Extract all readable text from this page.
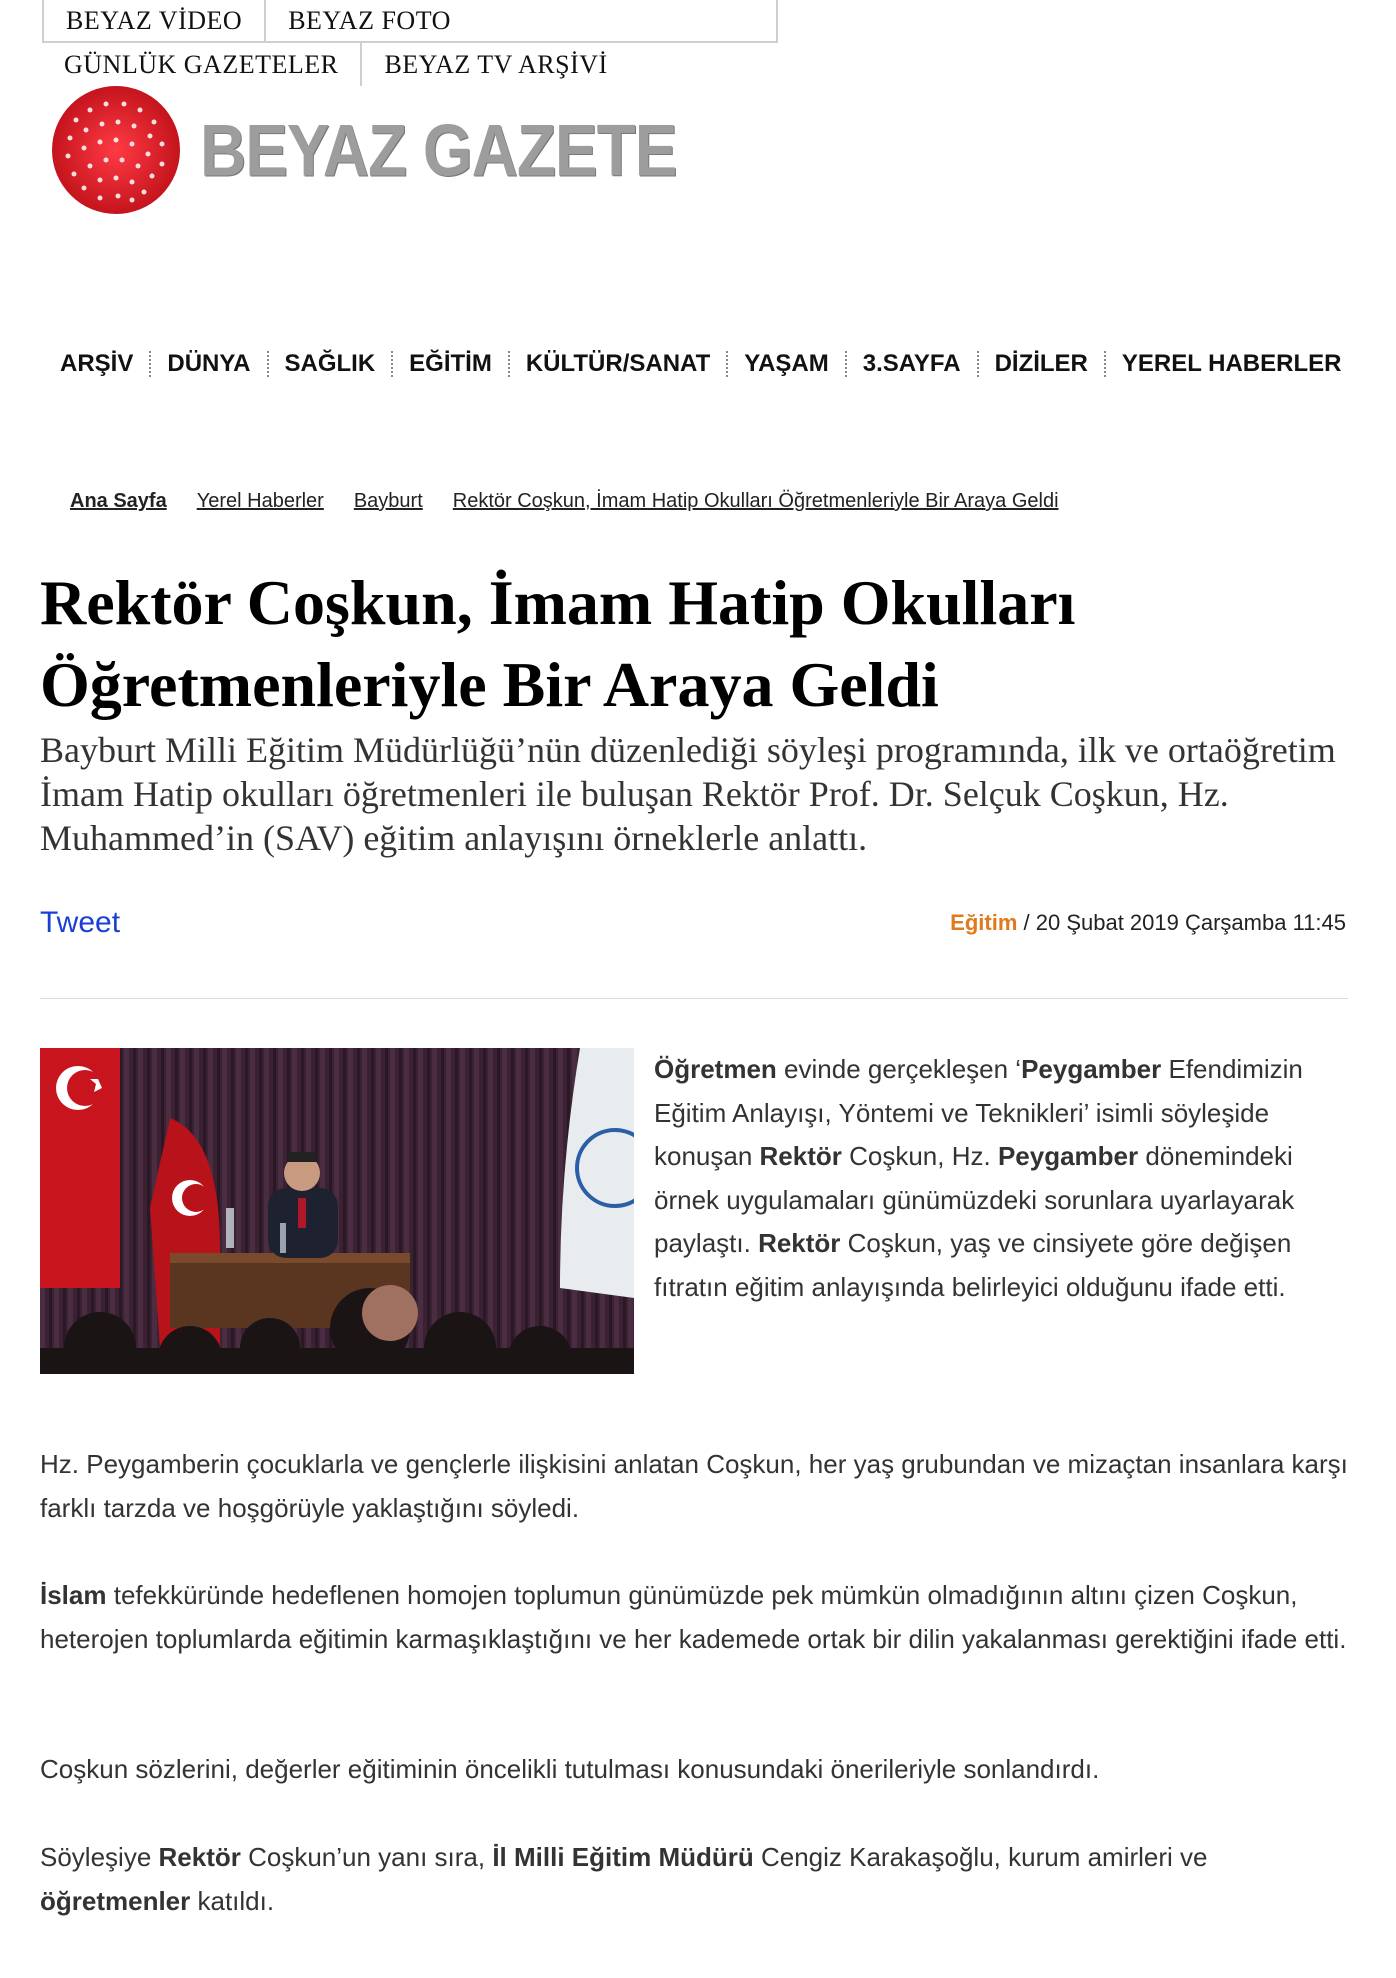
BEYAZ VİDEO	BEYAZ FOTO
GÜNLÜK GAZETELER	BEYAZ TV ARŞİVİ
BEYAZ GAZETE
ARŞİV	DÜNYA	SAĞLIK	EĞİTİM	KÜLTÜR/SANAT	YAŞAM	3.SAYFA	DİZİLER	YEREL HABERLER
Ana Sayfa Yerel Haberler Bayburt Rektör Coşkun, İmam Hatip Okulları Öğretmenleriyle Bir Araya Geldi
Rektör Coşkun, İmam Hatip Okulları
Öğretmenleriyle Bir Araya Geldi

Bayburt Milli Eğitim Müdürlüğü’nün düzenlediği söyleşi programında, ilk ve ortaöğretim İmam Hatip okulları öğretmenleri ile buluşan Rektör Prof. Dr. Selçuk Coşkun, Hz. Muhammed’in (SAV) eğitim anlayışını örneklerle anlattı.

Tweet	Eğitim / 20 Şubat 2019 Çarşamba 11:45

Öğretmen evinde gerçekleşen ‘Peygamber Efendimizin Eğitim Anlayışı, Yöntemi ve Teknikleri’ isimli söyleşide konuşan Rektör Coşkun, Hz. Peygamber dönemindeki örnek uygulamaları günümüzdeki sorunlara uyarlayarak paylaştı. Rektör Coşkun, yaş ve cinsiyete göre değişen fıtratın eğitim anlayışında belirleyici olduğunu ifade etti.

Hz. Peygamberin çocuklarla ve gençlerle ilişkisini anlatan Coşkun, her yaş grubundan ve mizaçtan insanlara karşı farklı tarzda ve hoşgörüyle yaklaştığını söyledi.

İslam tefekküründe hedeflenen homojen toplumun günümüzde pek mümkün olmadığının altını çizen Coşkun, heterojen toplumlarda eğitimin karmaşıklaştığını ve her kademede ortak bir dilin yakalanması gerektiğini ifade etti.

Coşkun sözlerini, değerler eğitiminin öncelikli tutulması konusundaki önerileriyle sonlandırdı.

Söyleşiye Rektör Coşkun’un yanı sıra, İl Milli Eğitim Müdürü Cengiz Karakaşoğlu, kurum amirleri ve öğretmenler katıldı.
